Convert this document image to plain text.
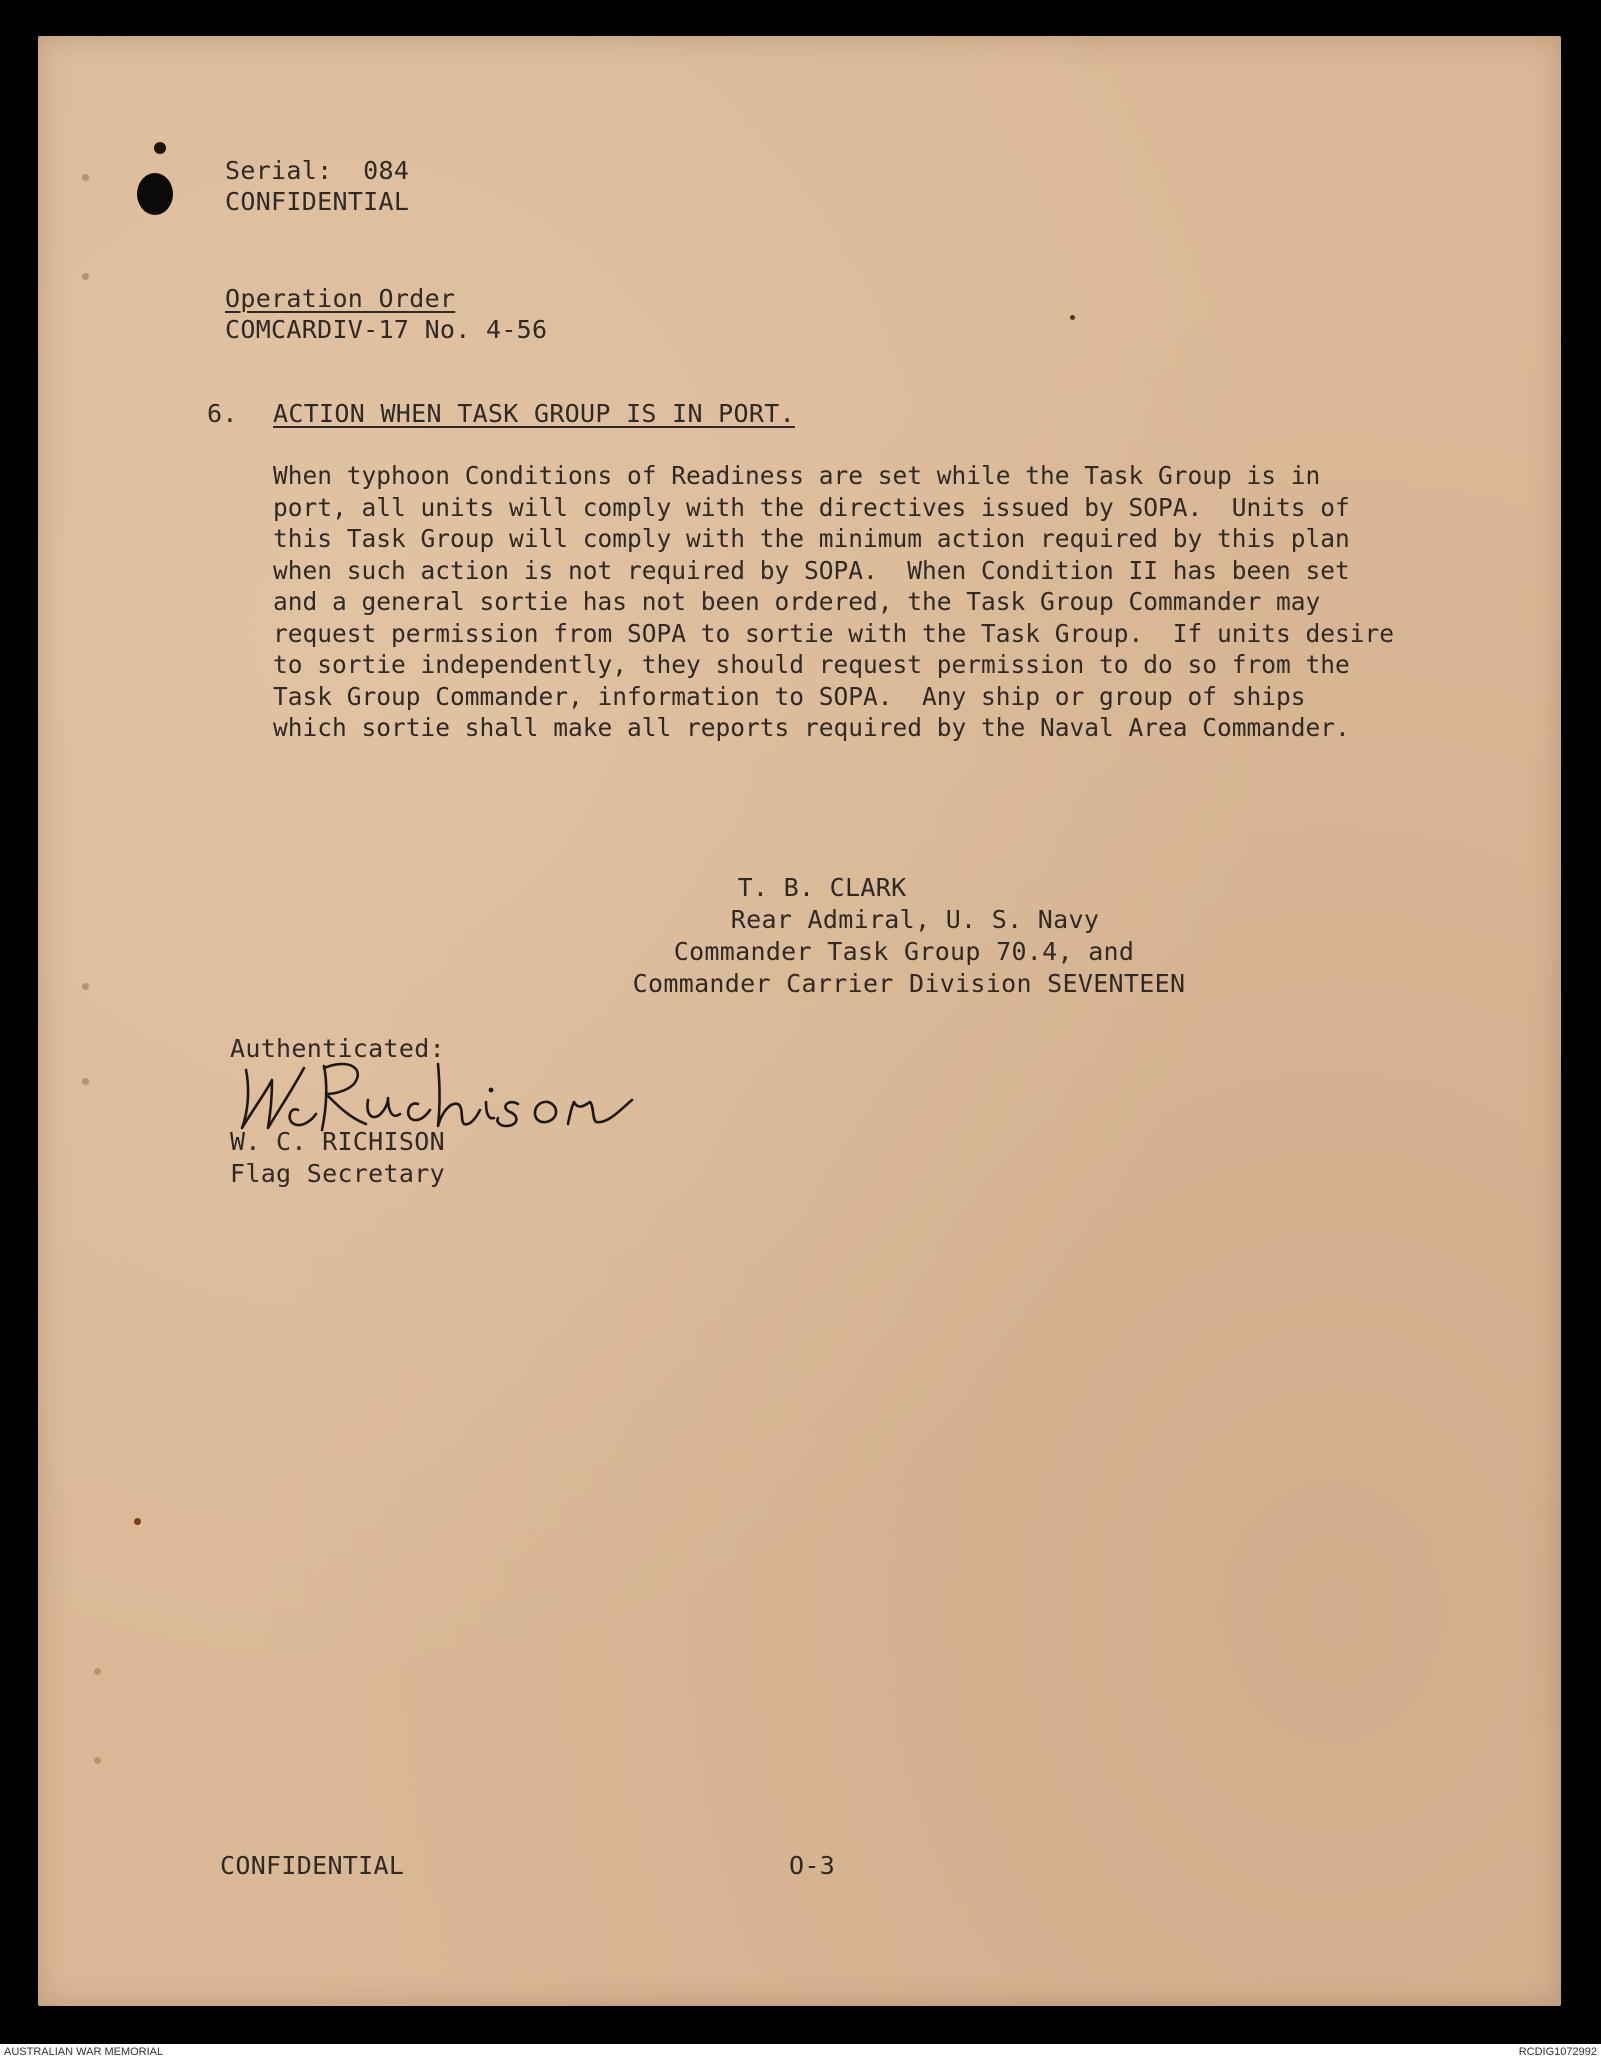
Serial:  084
CONFIDENTIAL
Operation Order
COMCARDIV-17 No. 4-56
6. ACTION WHEN TASK GROUP IS IN PORT.
When typhoon Conditions of Readiness are set while the Task Group is in
port, all units will comply with the directives issued by SOPA.  Units of
this Task Group will comply with the minimum action required by this plan
when such action is not required by SOPA.  When Condition II has been set
and a general sortie has not been ordered, the Task Group Commander may
request permission from SOPA to sortie with the Task Group.  If units desire
to sortie independently, they should request permission to do so from the
Task Group Commander, information to SOPA.  Any ship or group of ships
which sortie shall make all reports required by the Naval Area Commander.
T. B. CLARK
Rear Admiral, U. S. Navy
Commander Task Group 70.4, and
Commander Carrier Division SEVENTEEN
Authenticated:
W. C. RICHISON
Flag Secretary
CONFIDENTIAL	O-3
AUSTRALIAN WAR MEMORIAL	RCDIG1072992
